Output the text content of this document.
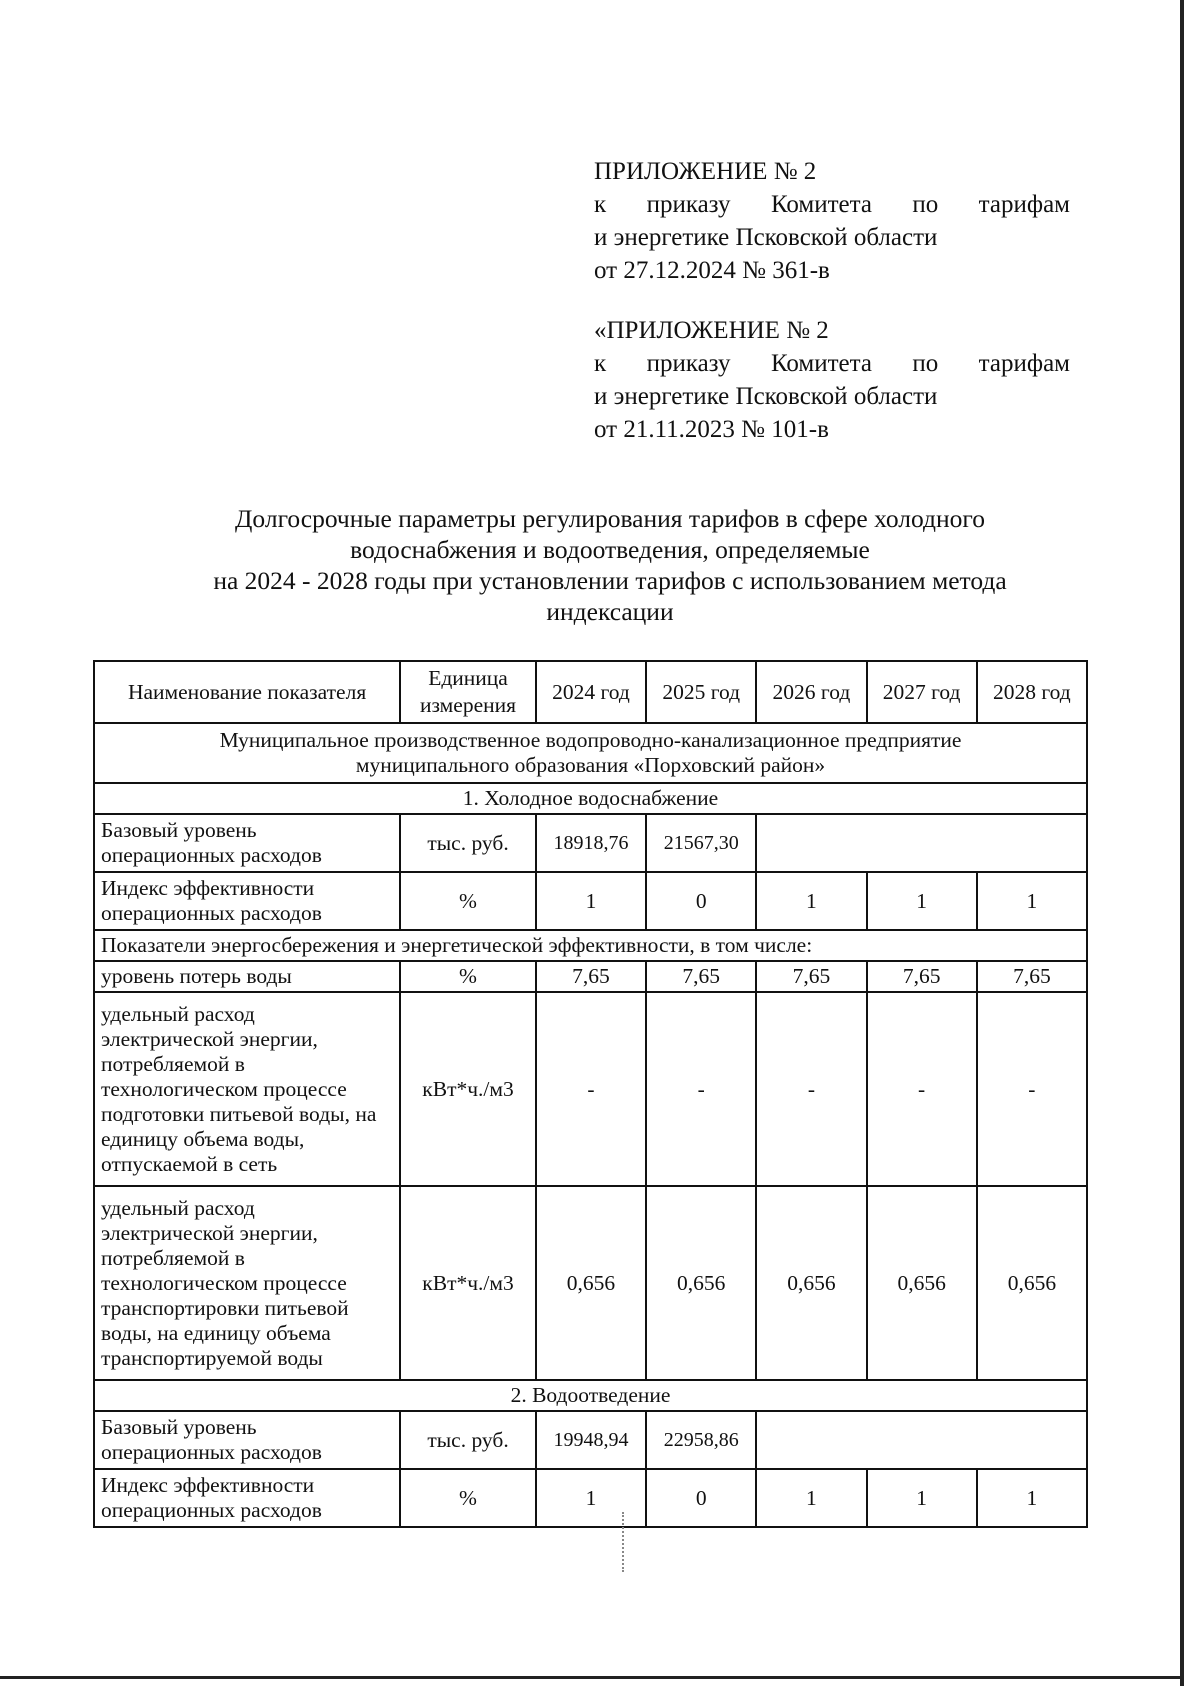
ПРИЛОЖЕНИЕ № 2
к приказу Комитета по тарифам
и энергетике Псковской области
от 27.12.2024 № 361-в
«ПРИЛОЖЕНИЕ № 2
к приказу Комитета по тарифам
и энергетике Псковской области
от 21.11.2023 № 101-в
Долгосрочные параметры регулирования тарифов в сфере холодного
водоснабжения и водоотведения, определяемые
на 2024 - 2028 годы при установлении тарифов с использованием метода
индексации
Наименование показателя	Единица измерения	2024 год	2025 год	2026 год	2027 год	2028 год
Муниципальное производственное водопроводно-канализационное предприятие муниципального образования «Порховский район»						
1. Холодное водоснабжение						
Базовый уровень операционных расходов	тыс. руб.	18918,76	21567,30			
Индекс эффективности операционных расходов	%	1	0	1	1	1
Показатели энергосбережения и энергетической эффективности, в том числе:						
уровень потерь воды	%	7,65	7,65	7,65	7,65	7,65
удельный расход электрической энергии, потребляемой в технологическом процессе подготовки питьевой воды, на единицу объема воды, отпускаемой в сеть	кВт*ч./м3	-	-	-	-	-
удельный расход электрической энергии, потребляемой в технологическом процессе транспортировки питьевой воды, на единицу объема транспортируемой воды	кВт*ч./м3	0,656	0,656	0,656	0,656	0,656
2. Водоотведение						
Базовый уровень операционных расходов	тыс. руб.	19948,94	22958,86			
Индекс эффективности операционных расходов	%	1	0	1	1	1
